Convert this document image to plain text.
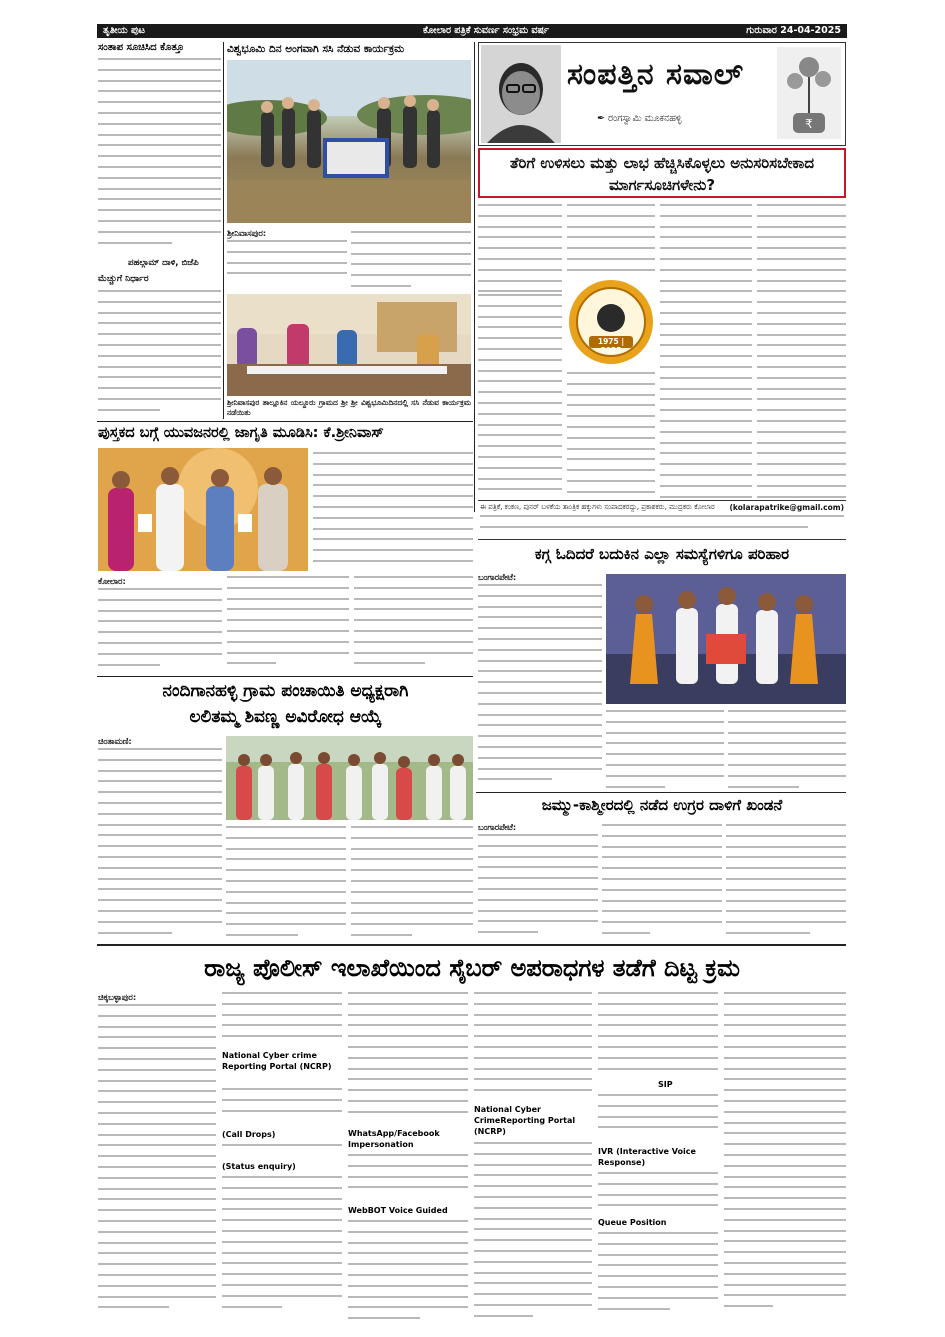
ತೃತೀಯ ಪುಟ	ಕೋಲಾರ ಪತ್ರಿಕೆ ಸುವರ್ಣ ಸಂಭ್ರಮ ವರ್ಷ	ಗುರುವಾರ 24-04-2025
ಸಂತಾಪ ಸೂಚಿಸಿದ ಕೊತ್ತೂ
ಪಹಲ್ಗಾಮ್ ದಾಳಿ, ಬಿಜೆಪಿ
ಮೆಚ್ಚುಗೆ ನಿರ್ಧಾರ
ವಿಶ್ವಭೂಮಿ ದಿನ ಅಂಗವಾಗಿ ಸಸಿ ನೆಡುವ ಕಾರ್ಯಕ್ರಮ
ಶ್ರೀನಿವಾಸಪುರ:
ಶ್ರೀನಿವಾಸಪುರ ತಾಲ್ಲೂಕಿನ ಯಲ್ದೂರು ಗ್ರಾಮದ ಶ್ರೀ ಶ್ರೀ ವಿಶ್ವಭೂಮಿದಿನದಲ್ಲಿ ಸಸಿ ನೆಡುವ ಕಾರ್ಯಕ್ರಮ ನಡೆಯಿತು
ಸಂಪತ್ತಿನ ಸವಾಲ್
₹
✒ ರಂಗಸ್ವಾಮಿ ಮೂಕನಹಳ್ಳಿ
ತೆರಿಗೆ ಉಳಿಸಲು ಮತ್ತು ಲಾಭ ಹೆಚ್ಚಿಸಿಕೊಳ್ಳಲು ಅನುಸರಿಸಬೇಕಾದ ಮಾರ್ಗಸೂಚಿಗಳೇನು?
1975 | 2025
ಈ ಪತ್ರಿಕೆ, ಕಂಕಣ, ಪುನರ್ ಬಳಕೆಯ ತಾಂತ್ರಿಕ ಹಕ್ಕುಗಳು ಸಂಪಾದಕರದ್ದು, ಪ್ರಕಾಶಕರು, ಮುದ್ರಕರು ಕೋಲಾರ	(kolarapatrike@gmail.com)
ಪುಸ್ತಕದ ಬಗ್ಗೆ ಯುವಜನರಲ್ಲಿ ಜಾಗೃತಿ ಮೂಡಿಸಿ: ಕೆ.ಶ್ರೀನಿವಾಸ್
ಕೋಲಾರ:
ಕಗ್ಗ ಓದಿದರೆ ಬದುಕಿನ ಎಲ್ಲಾ ಸಮಸ್ಯೆಗಳಿಗೂ ಪರಿಹಾರ
ಬಂಗಾರಪೇಟೆ:
ನಂದಿಗಾನಹಳ್ಳಿ ಗ್ರಾಮ ಪಂಚಾಯಿತಿ ಅಧ್ಯಕ್ಷರಾಗಿ
ಲಲಿತಮ್ಮ ಶಿವಣ್ಣ ಅವಿರೋಧ ಆಯ್ಕೆ
ಚಿಂತಾಮಣಿ:
ಜಮ್ಮು-ಕಾಶ್ಮೀರದಲ್ಲಿ ನಡೆದ ಉಗ್ರರ ದಾಳಿಗೆ ಖಂಡನೆ
ಬಂಗಾರಪೇಟೆ:
ರಾಜ್ಯ ಪೊಲೀಸ್ ಇಲಾಖೆಯಿಂದ ಸೈಬರ್ ಅಪರಾಧಗಳ ತಡೆಗೆ ದಿಟ್ಟ ಕ್ರಮ
ಚಿಕ್ಕಬಳ್ಳಾಪುರ:
National Cyber crime Reporting Portal (NCRP)
(Call Drops)
(Status enquiry)
WhatsApp/Facebook Impersonation
WebBOT Voice Guided
National Cyber CrimeReporting Portal (NCRP)
SIP
IVR (Interactive Voice Response)
Queue Position
